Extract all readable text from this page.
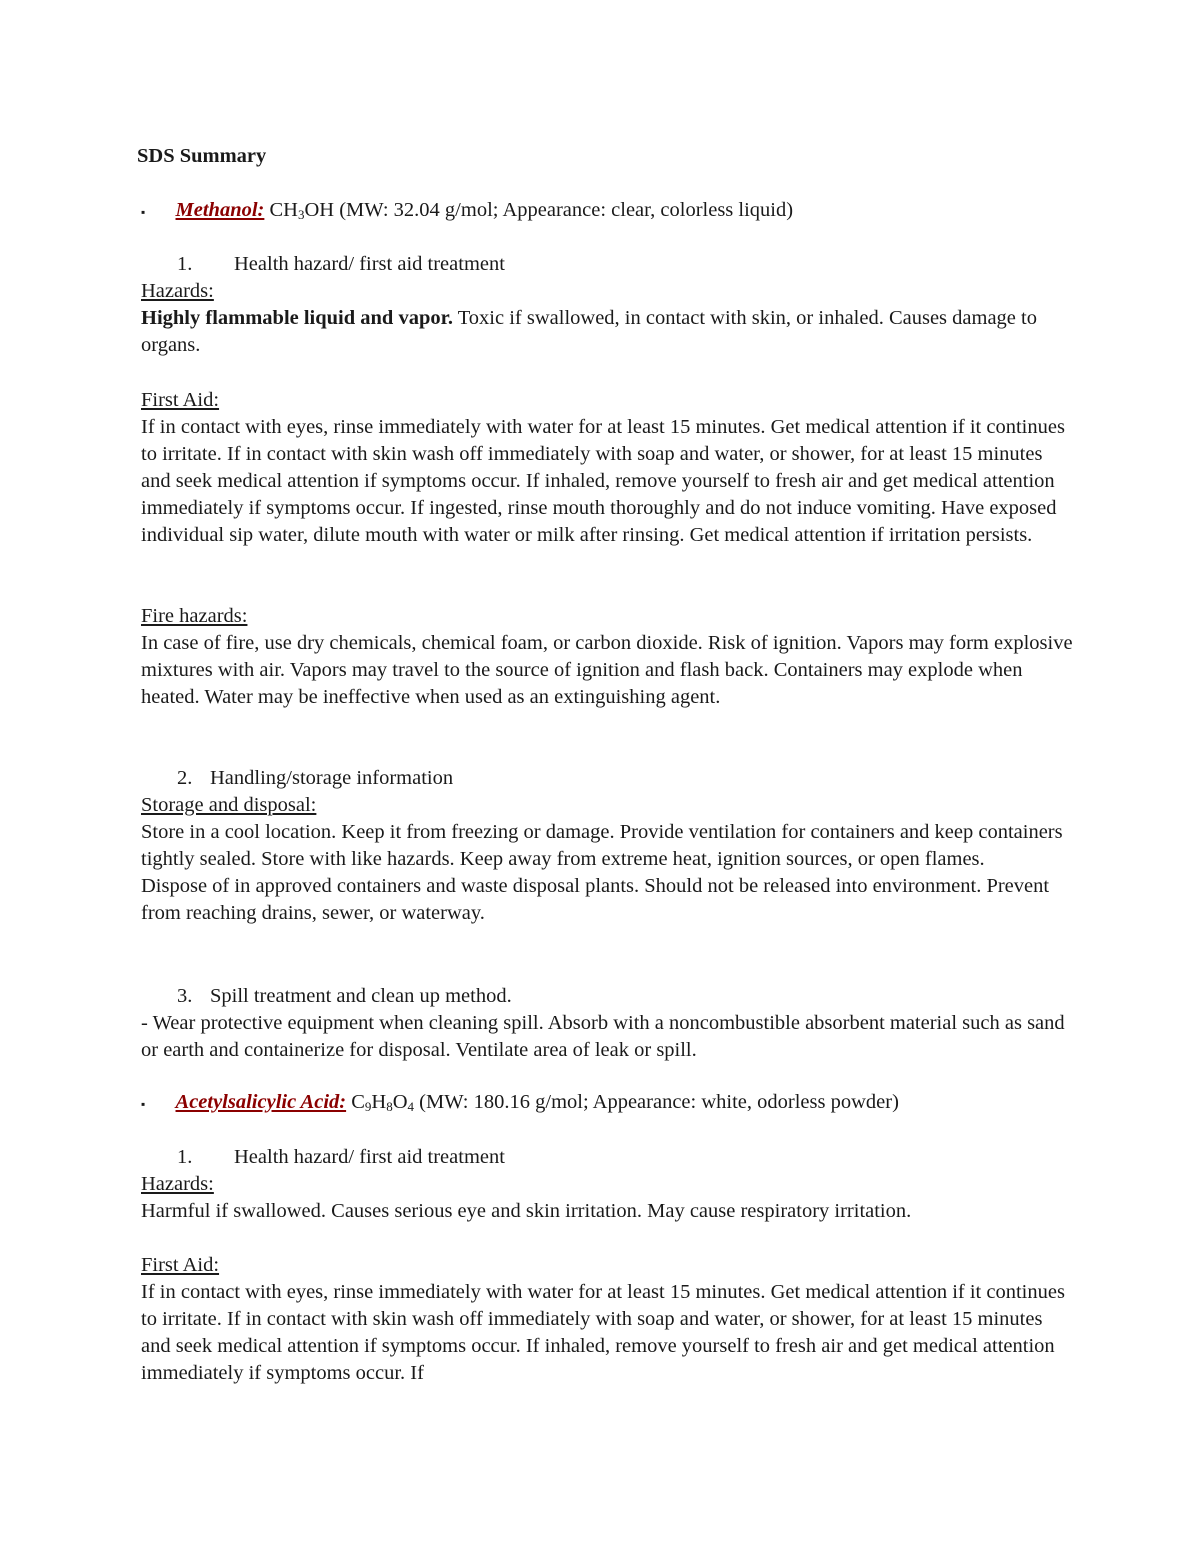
SDS Summary
▪ Methanol: $CH_3OH$ (MW: 32.04 g/mol; Appearance: clear, colorless liquid)
1. Health hazard/ first aid treatment

Hazards:

Highly flammable liquid and vapor. Toxic if swallowed, in contact with skin, or inhaled. Causes damage to organs.

First Aid:

If in contact with eyes, rinse immediately with water for at least 15 minutes. Get medical attention if it continues to irritate. If in contact with skin wash off immediately with soap and water, or shower, for at least 15 minutes and seek medical attention if symptoms occur. If inhaled, remove yourself to fresh air and get medical attention immediately if symptoms occur. If ingested, rinse mouth thoroughly and do not induce vomiting. Have exposed individual sip water, dilute mouth with water or milk after rinsing. Get medical attention if irritation persists.

Fire hazards:

In case of fire, use dry chemicals, chemical foam, or carbon dioxide. Risk of ignition. Vapors may form explosive mixtures with air. Vapors may travel to the source of ignition and flash back. Containers may explode when heated. Water may be ineffective when used as an extinguishing agent.

2. Handling/storage information

Storage and disposal:

Store in a cool location. Keep it from freezing or damage. Provide ventilation for containers and keep containers tightly sealed. Store with like hazards. Keep away from extreme heat, ignition sources, or open flames.

Dispose of in approved containers and waste disposal plants. Should not be released into environment. Prevent from reaching drains, sewer, or waterway.

3. Spill treatment and clean up method.
- Wear protective equipment when cleaning spill. Absorb with a noncombustible absorbent material such as sand or earth and containerize for disposal. Ventilate area of leak or spill.
▪ Acetylsalicylic Acid: $C_9H_8O_4$ (MW: 180.16 g/mol; Appearance: white, odorless powder)
1. Health hazard/ first aid treatment

Hazards:

Harmful if swallowed. Causes serious eye and skin irritation. May cause respiratory irritation.

First Aid:

If in contact with eyes, rinse immediately with water for at least 15 minutes. Get medical attention if it continues to irritate. If in contact with skin wash off immediately with soap and water, or shower, for at least 15 minutes and seek medical attention if symptoms occur. If inhaled, remove yourself to fresh air and get medical attention immediately if symptoms occur. If
